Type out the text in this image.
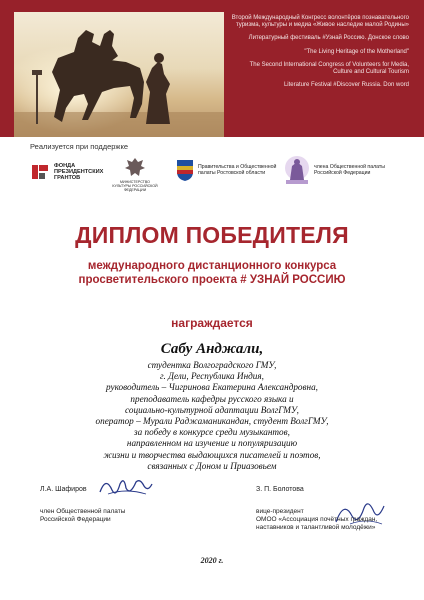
Второй Международный Конгресс волонтёров познавательного туризма, культуры и медиа «Живое наследие малой Родины»

Литературный фестиваль #Узнай Россию. Донское слово

"The Living Heritage of the Motherland"

The Second International Congress of Volunteers for Media, Culture and Cultural Tourism

Literature Festival #Discover Russia. Don word

Реализуется при поддержке
ФОНДА ПРЕЗИДЕНТСКИХ ГРАНТОВ
МИНИСТЕРСТВО КУЛЬТУРЫ РОССИЙСКОЙ ФЕДЕРАЦИИ
Правительства и Общественной палаты Ростовской области
члена Общественной палаты Российской Федерации
ДИПЛОМ ПОБЕДИТЕЛЯ
международного дистанционного конкурса
просветительского проекта # УЗНАЙ РОССИЮ
награждается
Сабу Анджали,
студентка Волгоградского ГМУ,
г. Дели, Республика Индия,
руководитель – Чигринова Екатерина Александровна,
преподаватель кафедры русского языка и
социально-культурной адаптации ВолгГМУ,
оператор – Мурали Раджаманикандан, студент ВолгГМУ,
за победу в конкурсе среди музыкантов,
направленном на изучение и популяризацию
жизни и творчества выдающихся писателей и поэтов,
связанных с Доном и Приазовьем
Л.А. Шафиров
член Общественной палаты
Российской Федерации
З. П. Болотова
вице-президент
ОМОО «Ассоциация почётных граждан,
наставников и талантливой молодёжи»
2020 г.
